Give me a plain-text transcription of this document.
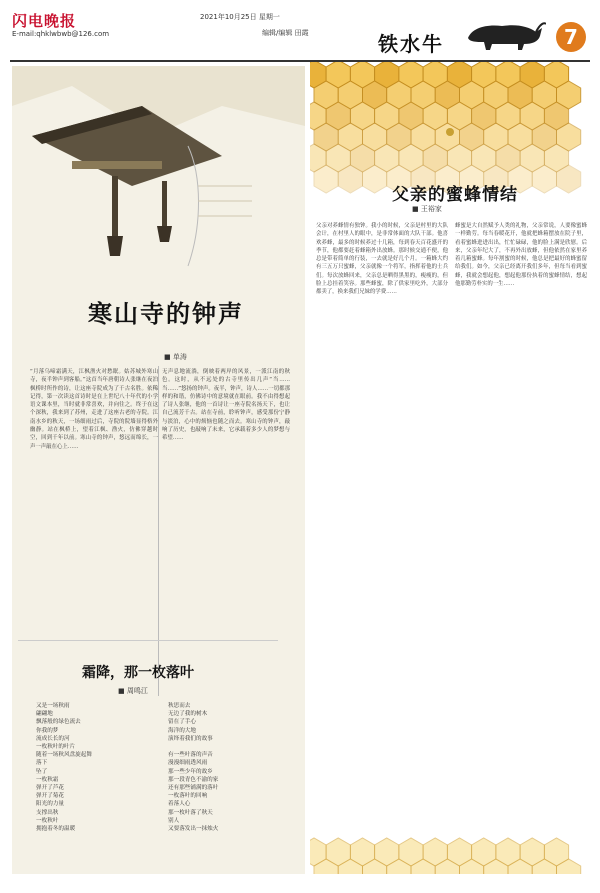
闪电晚报
E-mail:qhklwbwb@126.com
2021年10月25日 星期一
编辑/编辑 田霞	铁水牛	7
寒山寺的钟声
■ 单涛
“月落乌啼霜满天，江枫渔火对愁眠。姑苏城外寒山寺，夜半钟声到客船。”这首当年唐朝诗人张继在夜泊枫桥时所作的诗，让这座寺院成为了千古名胜。依稀记得，第一次读这首诗时是在上世纪八十年代的小学语文课本里，当时就非常喜欢，并向往之。终于在这个深秋，我来到了苏州，走进了这座古老的寺院。江南水乡的秋天，一场细雨过后，寺院的院墙显得格外幽静。站在枫桥上，望着江枫、渔火，仿佛穿越时空，回到千年以前。寒山寺的钟声，悠远而绵长，一声一声敲在心上……
无声息地流淌，倒映着两岸的风景，一派江南的秋色。这时，从不远处的古寺里传出几声“当……当……”悠扬的钟声。夜半，钟声，诗人……一切都那样的和谐，仿佛诗中的意境就在眼前。我不由得想起了诗人张继，他的一首诗让一座寺院名扬天下，也让自己流芳千古。站在寺前，聆听钟声，感受那份宁静与淡泊，心中的烦恼也随之而去。寒山寺的钟声，敲响了历史，也敲响了未来，它承载着多少人的梦想与希望……
霜降，那一枚落叶
■ 周鸣江
又是一场秋雨
翩翩地
飘落般的绿色流去
你我的梦
流成长长的河
一枚秋叶的叶片
随着一场秋风盘旋起舞
落下
坠了
一枚秋霜
弹开了芦花
弹开了菊花
阳光的力量
支撑出秋
一枚秋叶
拥抱着冬的温暖
秋思而去
无边了我的树木
留在了手心
海洋的大地
演绎着我们的故事

有一些叶落的声音
漫漫细雨透风雨
那一些少年的故乡
那一段青色不渝的家
还有那些铺满的落叶
一枚落叶的回响
着落人心
那一枚叶落了秋天
别人
又要落发出一抹烛火
父亲的蜜蜂情结
■ 王裕家
父亲对养蜂情有独钟。我小的时候，父亲是村里的大队会计，在村里人的眼中，是非常体面的大队干部。他喜欢养蜂，最多的时候养过十几箱，每到春天百花盛开的季节，他都要赶着蜂箱外出放蜂。那时候交通不便，他总是带着简单的行装，一去就是好几个月。一箱蜂大约有三五万只蜜蜂，父亲就像一个将军，指挥着他的士兵们。每次放蜂回来，父亲总是晒得黑黑的，瘦瘦的，但脸上总挂着笑容。那些蜂蜜，除了供家里吃外，大部分都卖了，换来我们兄妹的学费……
蜂蜜是大自然赋予人类的礼物，父亲常说，人要像蜜蜂一样勤劳。每当春暖花开，他就把蜂箱摆放在院子里，看着蜜蜂进进出出，忙忙碌碌，他的脸上满是欣慰。后来，父亲年纪大了，不再外出放蜂，但他依然在家里养着几箱蜜蜂。每年割蜜的时候，他总是把最好的蜂蜜留给我们。如今，父亲已经离开我们多年，但每当看到蜜蜂，我就会想起他，想起他那份执着的蜜蜂情结，想起他那勤劳朴实的一生……
